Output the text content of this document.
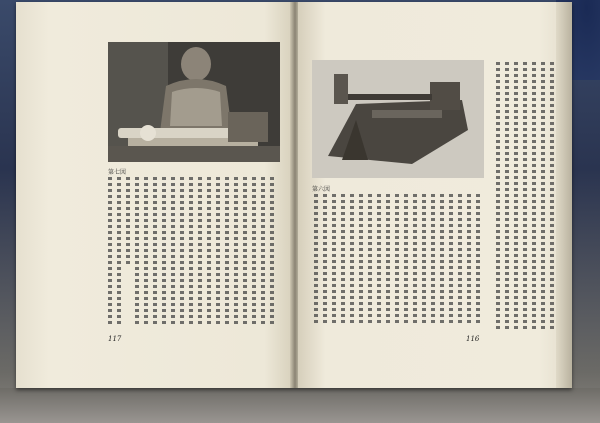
第七図
117
第六図
116
